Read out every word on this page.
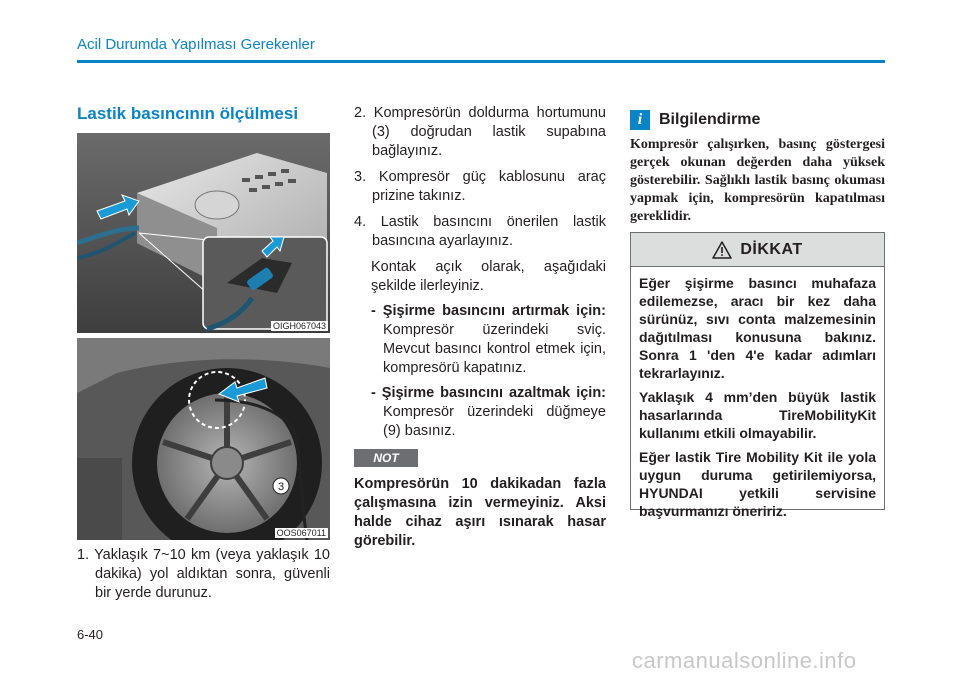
Acil Durumda Yapılması Gerekenler
Lastik basıncının ölçülmesi
OIGH067043
3
OOS067011
1. Yaklaşık 7~10 km (veya yaklaşık 10 dakika) yol aldıktan sonra, güvenli bir yerde durunuz.
2. Kompresörün doldurma hortumunu (3) doğrudan lastik supabına bağlayınız.
3. Kompresör güç kablosunu araç prizine takınız.
4. Lastik basıncını önerilen lastik basıncına ayarlayınız.
Kontak açık olarak, aşağıdaki şekilde ilerleyiniz.
- Şişirme basıncını artırmak için: Kompresör üzerindeki sviç. Mevcut basıncı kontrol etmek için, kompresörü kapatınız.
- Şişirme basıncını azaltmak için: Kompresör üzerindeki düğmeye (9) basınız.
NOT
Kompresörün 10 dakikadan fazla çalışmasına izin vermeyiniz. Aksi halde cihaz aşırı ısınarak hasar görebilir.
i	Bilgilendirme
Kompresör çalışırken, basınç göstergesi gerçek okunan değerden daha yüksek gösterebilir. Sağlıklı lastik basınç okuması yapmak için, kompresörün kapatılması gereklidir.
DİKKAT

Eğer şişirme basıncı muhafaza edilemezse, aracı bir kez daha sürünüz, sıvı conta malzemesinin dağıtılması konusuna bakınız. Sonra 1 'den 4'e kadar adımları tekrarlayınız.

Yaklaşık 4 mm’den büyük lastik hasarlarında TireMobilityKit kullanımı etkili olmayabilir.

Eğer lastik Tire Mobility Kit ile yola uygun duruma getirilemiyorsa, HYUNDAI yetkili servisine başvurmanızı öneririz.

6-40
carmanualsonline.info
